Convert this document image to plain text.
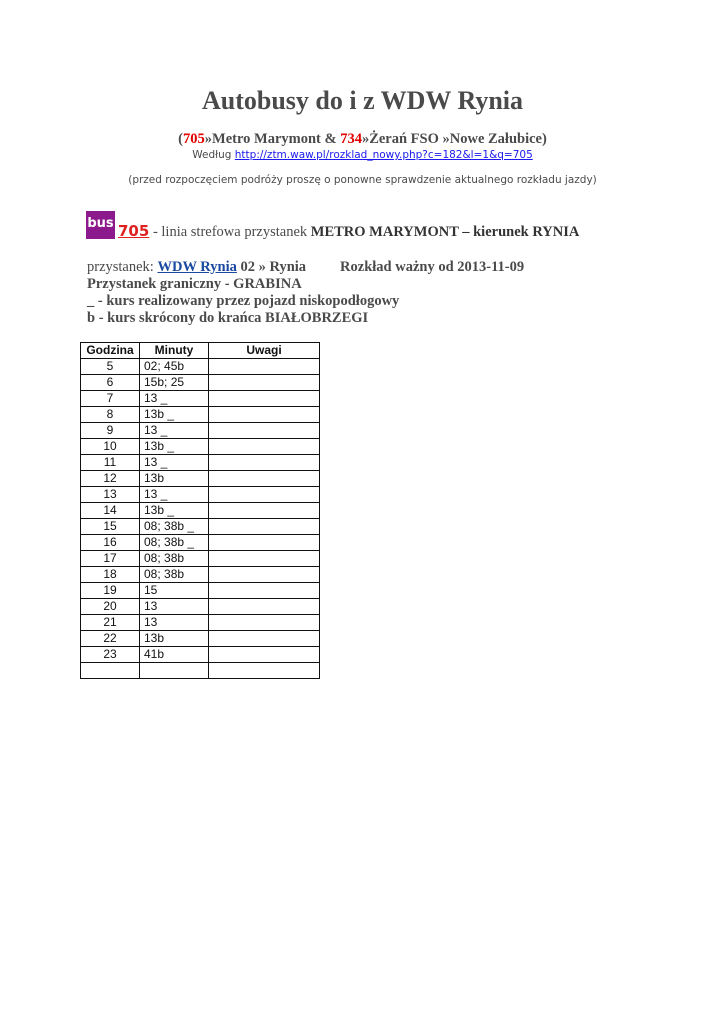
Autobusy do i z WDW Rynia
(705»Metro Marymont & 734»Żerań FSO »Nowe Załubice)
Według http://ztm.waw.pl/rozklad_nowy.php?c=182&l=1&q=705
(przed rozpoczęciem podróży proszę o ponowne sprawdzenie aktualnego rozkładu jazdy)
bus 705 - linia strefowa przystanek METRO MARYMONT – kierunek RYNIA
przystanek: WDW Rynia 02 » Rynia Rozkład ważny od 2013-11-09
Przystanek graniczny - GRABINA
_ - kurs realizowany przez pojazd niskopodłogowy
b - kurs skrócony do krańca BIAŁOBRZEGI
Godzina	Minuty	Uwagi
5	02; 45b	
6	15b; 25	
7	13 _	
8	13b _	
9	13 _	
10	13b _	
11	13 _	
12	13b	
13	13 _	
14	13b _	
15	08; 38b _	
16	08; 38b _	
17	08; 38b	
18	08; 38b	
19	15	
20	13	
21	13	
22	13b	
23	41b	
